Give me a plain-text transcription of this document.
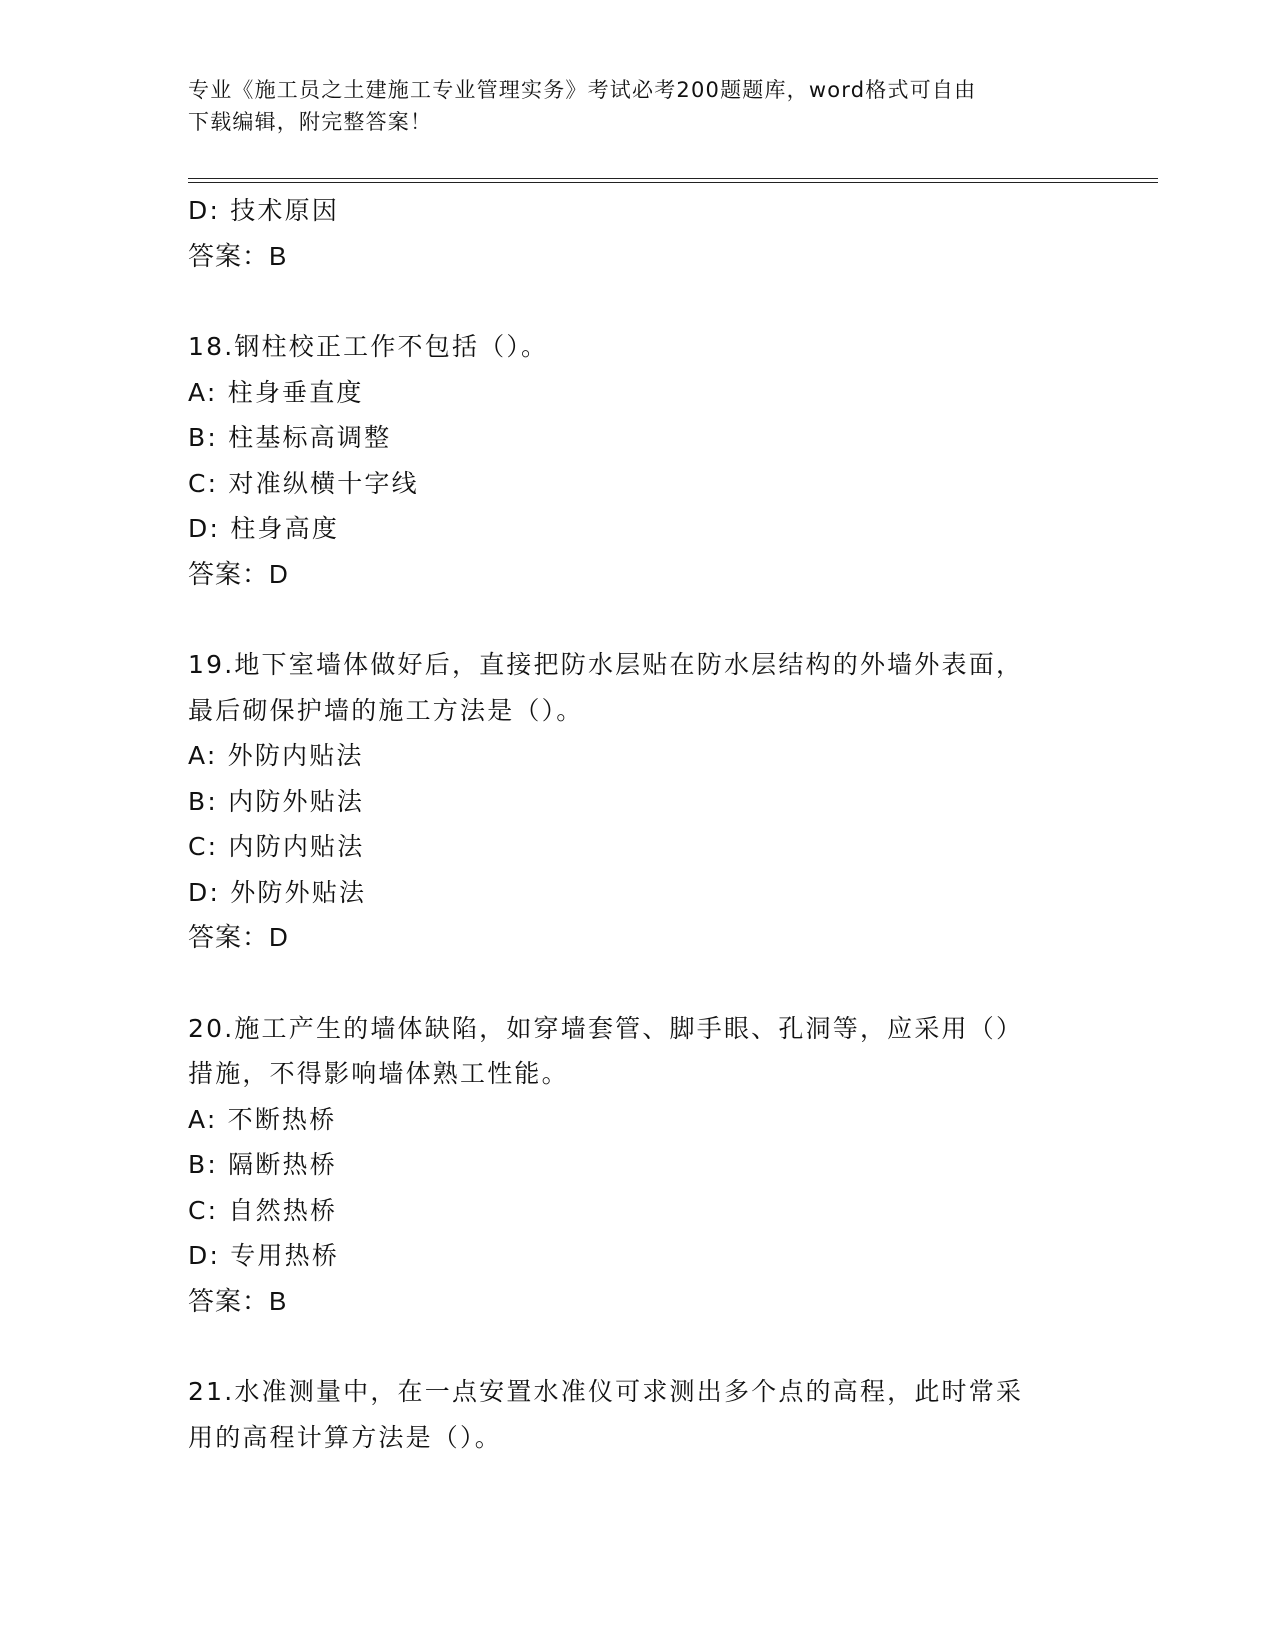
专业《施工员之土建施工专业管理实务》考试必考200题题库，word格式可自由
下载编辑，附完整答案！
D: 技术原因
答案：B
18.钢柱校正工作不包括（）。
A: 柱身垂直度
B: 柱基标高调整
C: 对准纵横十字线
D: 柱身高度
答案：D
19.地下室墙体做好后，直接把防水层贴在防水层结构的外墙外表面，
最后砌保护墙的施工方法是（）。
A: 外防内贴法
B: 内防外贴法
C: 内防内贴法
D: 外防外贴法
答案：D
20.施工产生的墙体缺陷，如穿墙套管、脚手眼、孔洞等，应采用（）
措施，不得影响墙体熟工性能。
A: 不断热桥
B: 隔断热桥
C: 自然热桥
D: 专用热桥
答案：B
21.水准测量中，在一点安置水准仪可求测出多个点的高程，此时常采
用的高程计算方法是（）。
